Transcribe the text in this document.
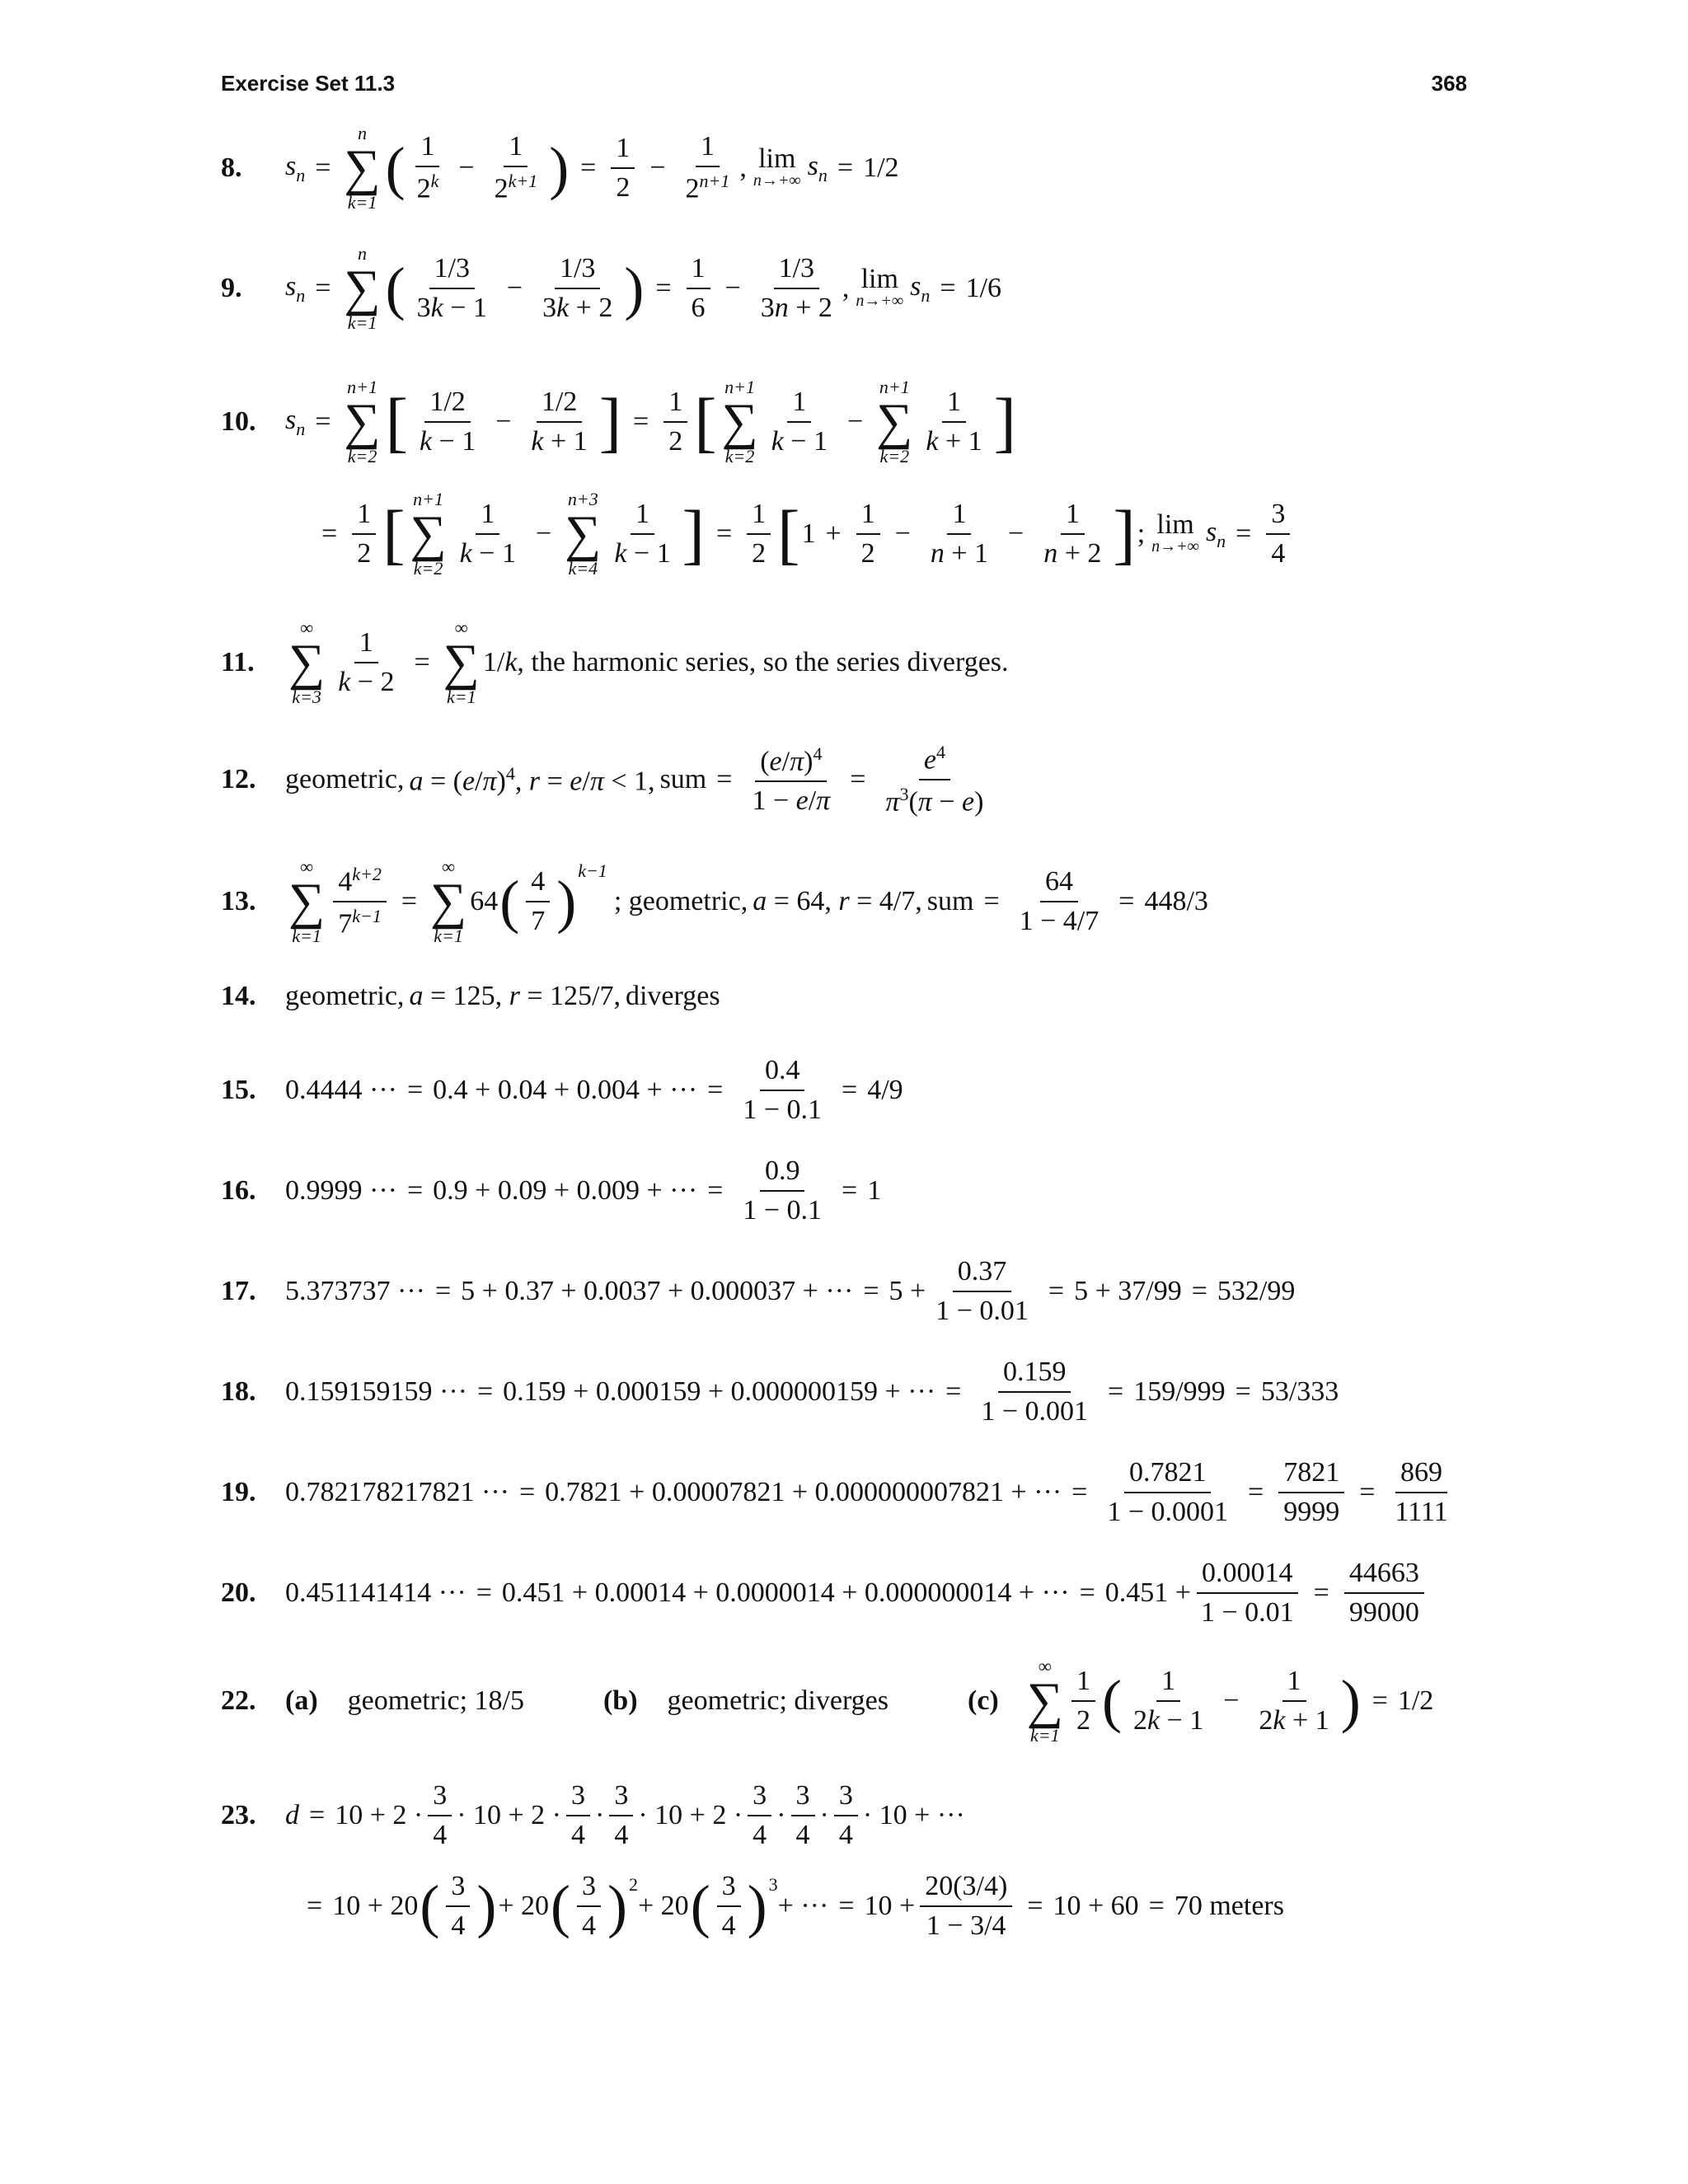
Exercise Set 11.3	368
8.	$s_n$ =
n
∑
k=1
( $\frac{1}{2^k} - \frac{1}{2^{k+1}}$ ) = $\frac{1}{2} - \frac{1}{2^{n+1}}$ , lim
n→+∞ $s_n = 1/2$
9.	$s_n$ =
n
∑
k=1
( $\frac{1/3}{3k - 1} - \frac{1/3}{3k + 2}$ ) = $\frac{1}{6} - \frac{1/3}{3n + 2}$ , lim
n→+∞ $s_n = 1/6$
10.	$s_n$ =
n+1
∑
k=2 [ $\frac{1/2}{k - 1} - \frac{1/2}{k + 1}$ ] = $\frac{1}{2}$ [ n+1
∑
$k=2 \frac{1}{k - 1}$ −
n+1
∑
$k=2 \frac{1}{k + 1}$ ]
= $\frac{1}{2}$ [ n+1
∑
$k=2 \frac{1}{k - 1}$ −
n+3
∑
$k=4 \frac{1}{k - 1}$ ] = $\frac{1}{2}$ [ $1 + \frac{1}{2} - \frac{1}{n + 1} - \frac{1}{n + 2}$ ] ; lim
n→+∞ $s_n = \frac{3}{4}$
11.
∞
∑
$k=3 \frac{1}{k - 2}$ =
∞
∑
k=1
1/ k , the harmonic series, so the series diverges.
12.	geometric, $a = (e/\pi)^4$, r = e/π < 1, sum = $\frac{(e/\pi)^4}{1 - e/\pi} = \frac{e^4}{\pi^3(\pi - e)}$
13.
∞
∑
$k=1 \frac{4^{k+2}}{7^{k-1}}$ =
∞
∑
k=1
64 ( $\frac{4}{7} )^{k-1}$
; geometric, a = 64, r = 4/7, sum = $\frac{64}{1 - 4/7} = 448/3$
14.	geometric, a = 125, r = 125/7, diverges
15.	0.4444 ··· = 0.4 + 0.04 + 0.004 + ··· = $\frac{0.4}{1 - 0.1} = 4/9$
16.	0.9999 ··· = 0.9 + 0.09 + 0.009 + ··· = $\frac{0.9}{1 - 0.1} = 1$
17.	5.373737 ··· = 5 + 0.37 + 0.0037 + 0.000037 + ··· = $5 + \frac{0.37}{1 - 0.01} = 5 + 37/99 = 532/99$
18.	0.159159159 ··· = 0.159 + 0.000159 + 0.000000159 + ··· = $\frac{0.159}{1 - 0.001} = 159/999 = 53/333$
19.	0.782178217821 ··· = 0.7821 + 0.00007821 + 0.000000007821 + ··· = $\frac{0.7821}{1 - 0.0001} = \frac{7821}{9999} = \frac{869}{1111}$
20.	0.451141414 ··· = 0.451 + 0.00014 + 0.0000014 + 0.000000014 + ··· = $0.451 + \frac{0.00014}{1 - 0.01} = \frac{44663}{99000}$
22.	(a) geometric; 18/5	(b) geometric; diverges	(c)
∞
∑
$k=1 \frac{1}{2}$ ( $\frac{1}{2k - 1} - \frac{1}{2k + 1}$ ) = 1/2
23.	$d = 10 + 2 \cdot \frac{3}{4} \cdot 10 + 2 \cdot \frac{3}{4} \cdot \frac{3}{4} \cdot 10 + 2 \cdot \frac{3}{4} \cdot \frac{3}{4} \cdot \frac{3}{4} \cdot 10$ + ···
= 10 + 20 ( $\frac{3}{4}$ ) + 20 ( $\frac{3}{4} )^2$
+ 20 ( $\frac{3}{4} )^3$
+ ··· = $10 + \frac{20(3/4)}{1 - 3/4} = 10 + 60 = 70$ meters
